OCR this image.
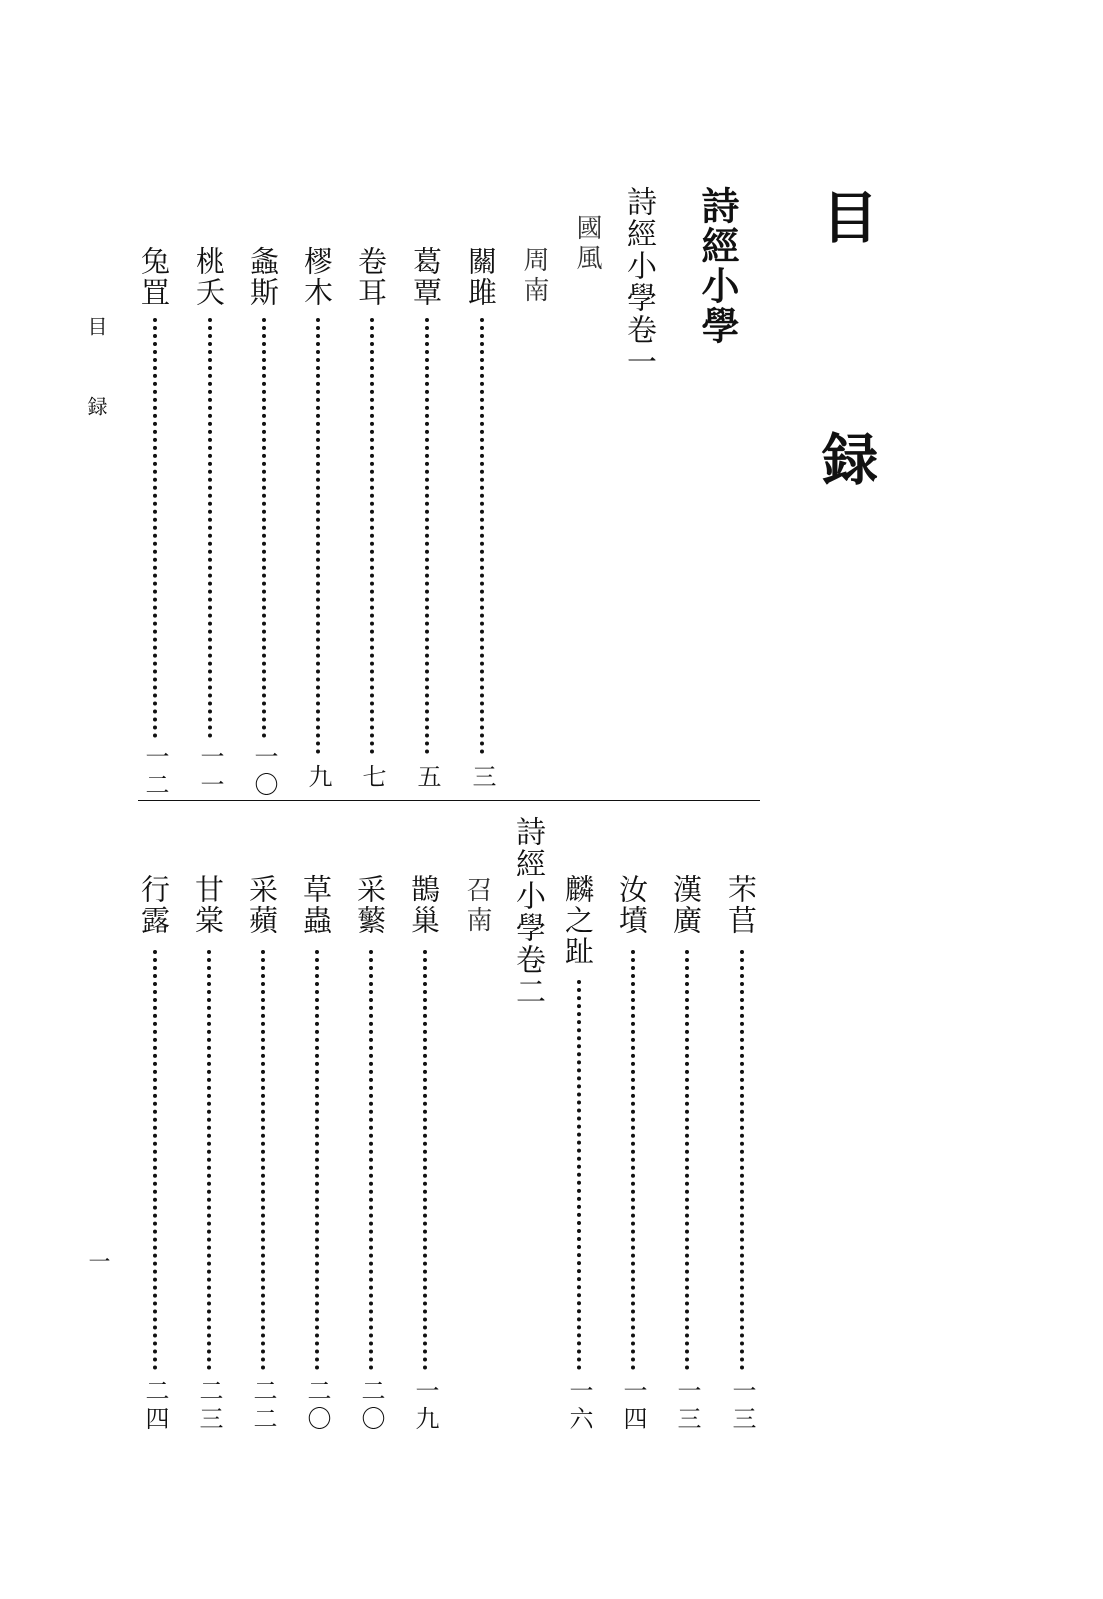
目 録
詩經小學
詩經小學卷一
國風
周南
關雎
三
葛覃
五
卷耳
七
樛木
九
螽斯
一〇
桃夭
一一
兔罝
一二
芣苢
一三
漢廣
一三
汝墳
一四
麟之趾
一六
詩經小學卷二
召南
鵲巢
一九
采蘩
二〇
草蟲
二〇
采蘋
二二
甘棠
二三
行露
二四
目 録
一
